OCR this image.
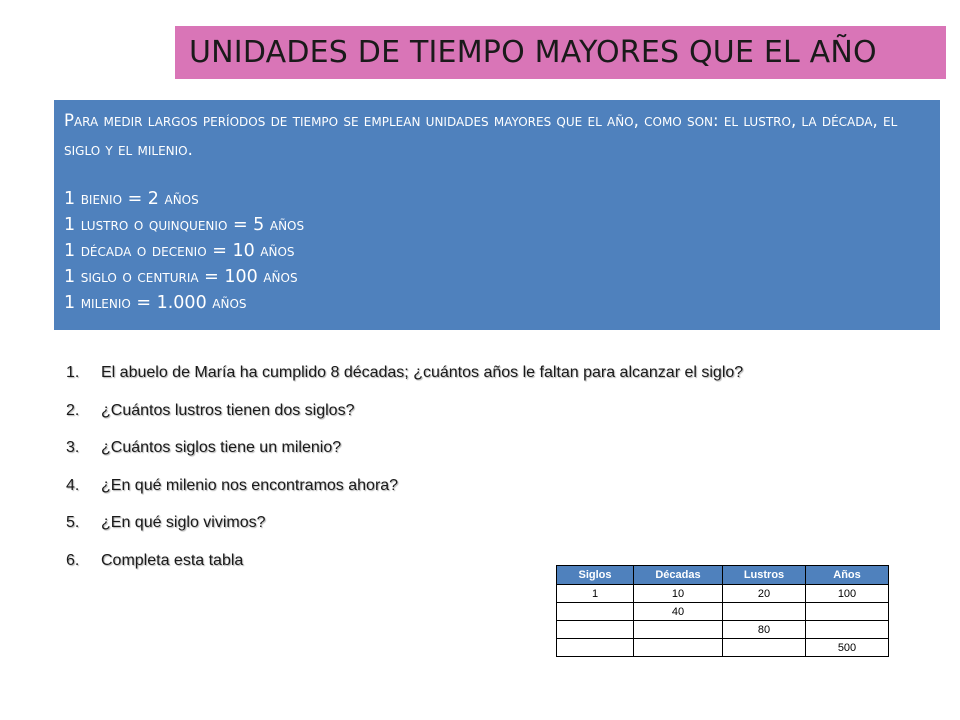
UNIDADES DE TIEMPO MAYORES QUE EL AÑO

Para medir largos períodos de tiempo se emplean unidades mayores que el año, como son: el lustro, la década, el siglo y el milenio.

1 bienio = 2 años

1 lustro o quinquenio = 5 años

1 década o decenio = 10 años

1 siglo o centuria = 100 años

1 milenio = 1.000 años

1.	El abuelo de María ha cumplido 8 décadas; ¿cuántos años le faltan para alcanzar el siglo?
2.	¿Cuántos lustros tienen dos siglos?
3.	¿Cuántos siglos tiene un milenio?
4.	¿En qué milenio nos encontramos ahora?
5.	¿En qué siglo vivimos?
6.	Completa esta tabla
Siglos	Décadas	Lustros	Años
1	10	20	100
	40		
		80	
			500
